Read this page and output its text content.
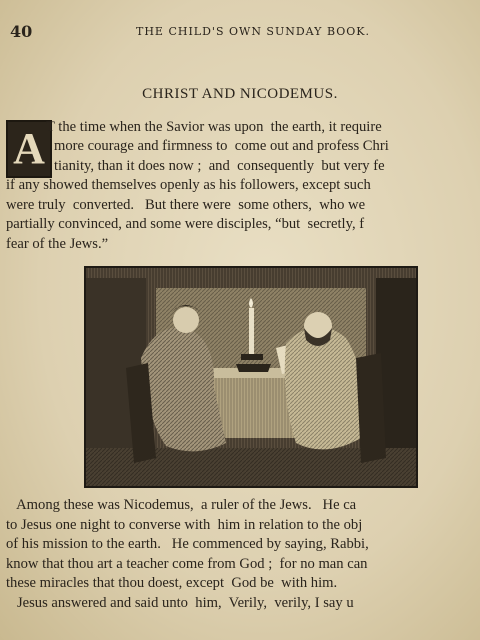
40	THE CHILD'S OWN SUNDAY BOOK.
CHRIST AND NICODEMUS.
A T the time when the Savior was upon  the earth, it require
more courage and firmness to  come out and profess Chri
tianity, than it does now ;  and  consequently  but very fe
if any showed themselves openly as his followers, except such
were truly  converted.   But there were  some others,  who we
partially convinced, and some were disciples, “but  secretly, f
fear of the Jews.”
Among these was Nicodemus,  a ruler of the Jews.   He ca
to Jesus one night to converse with  him in relation to the obj
of his mission to the earth.   He commenced by saying, Rabbi,
know that thou art a teacher come from God ;  for no man can
these miracles that thou doest, except  God be  with him.
Jesus answered and said unto  him,  Verily,  verily, I say u
